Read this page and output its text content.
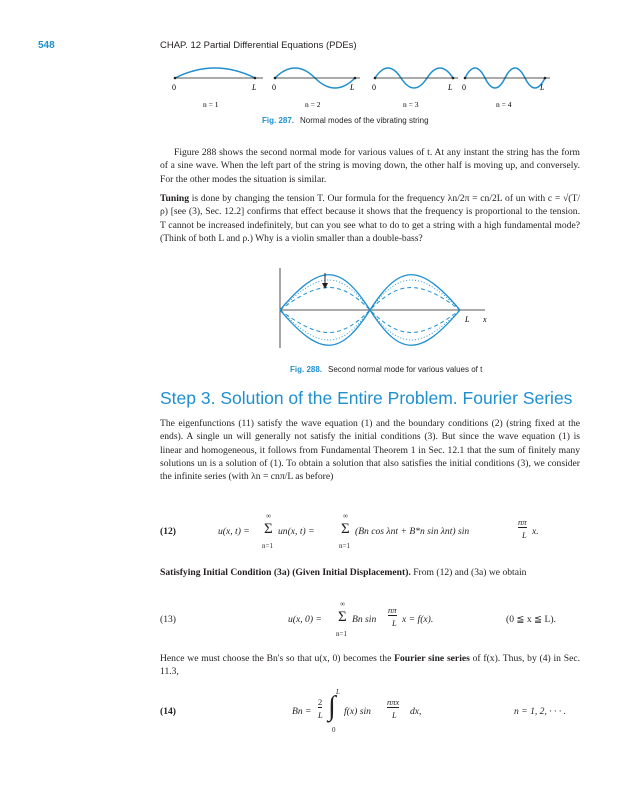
548	CHAP. 12 Partial Differential Equations (PDEs)
0	L
n = 1
0	L
n = 2
0	L
n = 3
0	L
n = 4
Fig. 287. Normal modes of the vibrating string

Figure 288 shows the second normal mode for various values of t. At any instant the string has the form of a sine wave. When the left part of the string is moving down, the other half is moving up, and conversely. For the other modes the situation is similar.

Tuning is done by changing the tension T. Our formula for the frequency λn/2π = cn/2L of un with c = √(T/ρ) [see (3), Sec. 12.2] confirms that effect because it shows that the frequency is proportional to the tension. T cannot be increased indefinitely, but can you see what to do to get a string with a high fundamental mode? (Think of both L and ρ.) Why is a violin smaller than a double-bass?

L x
Fig. 288. Second normal mode for various values of t
Step 3. Solution of the Entire Problem. Fourier Series

The eigenfunctions (11) satisfy the wave equation (1) and the boundary conditions (2) (string fixed at the ends). A single un will generally not satisfy the initial conditions (3). But since the wave equation (1) is linear and homogeneous, it follows from Fundamental Theorem 1 in Sec. 12.1 that the sum of finitely many solutions un is a solution of (1). To obtain a solution that also satisfies the initial conditions (3), we consider the infinite series (with λn = cnπ/L as before)

(12)	u(x, t) =
∞
Σ
n=1
un(x, t) =
∞
Σ
n=1
(Bn cos λnt + B*n sin λnt) sin
nπ
L x.

Satisfying Initial Condition (3a) (Given Initial Displacement). From (12) and (3a) we obtain

(13)	u(x, 0) =
∞
Σ
n=1
Bn sin
nπ
L x = f(x).	(0 ≦ x ≦ L).

Hence we must choose the Bn's so that u(x, 0) becomes the Fourier sine series of f(x). Thus, by (4) in Sec. 11.3,

(14)	Bn =
2
L
L
∫
0
f(x) sin
nπx
L dx,	n = 1, 2, · · · .
